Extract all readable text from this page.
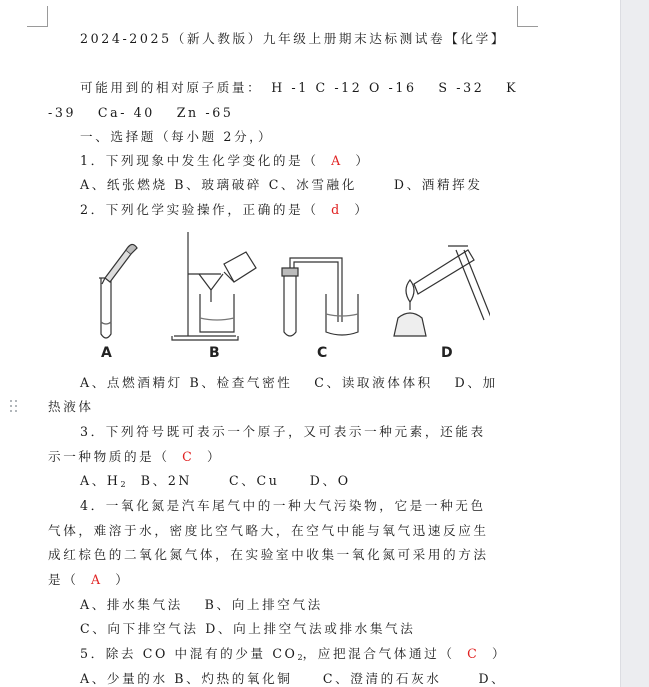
2024-2025（新人教版）九年级上册期末达标测试卷【化学】
可能用到的相对原子质量：　H -1 C -12 O -16　 S -32　 K
-39　 Ca- 40　 Zn -65
一、选择题（每小题 2分，）
1．下列现象中发生化学变化的是（　 A　 ）
A、纸张燃烧 B、玻璃破碎 C、冰雪融化　　 D、酒精挥发
2．下列化学实验操作，正确的是（　 d　 ）
A	B	C	D
A、点燃酒精灯 B、检查气密性　 C、读取液体体积　 D、加
热液体
3．下列符号既可表示一个原子，又可表示一种元素，还能表
示一种物质的是（　 C　 ）
A、$H_2$　B、2N　　 C、Cu　　D、O
4．一氧化氮是汽车尾气中的一种大气污染物，它是一种无色
气体，难溶于水，密度比空气略大，在空气中能与氧气迅速反应生
成红棕色的二氧化氮气体，在实验室中收集一氧化氮可采用的方法
是（　 A　 ）
A、排水集气法　 B、向上排空气法
C、向下排空气法 D、向上排空气法或排水集气法
5．除去 CO 中混有的少量 $CO_2$，应把混合气体通过（　 C　 ）
A、少量的水 B、灼热的氧化铜　　C、澄清的石灰水　　 D、
